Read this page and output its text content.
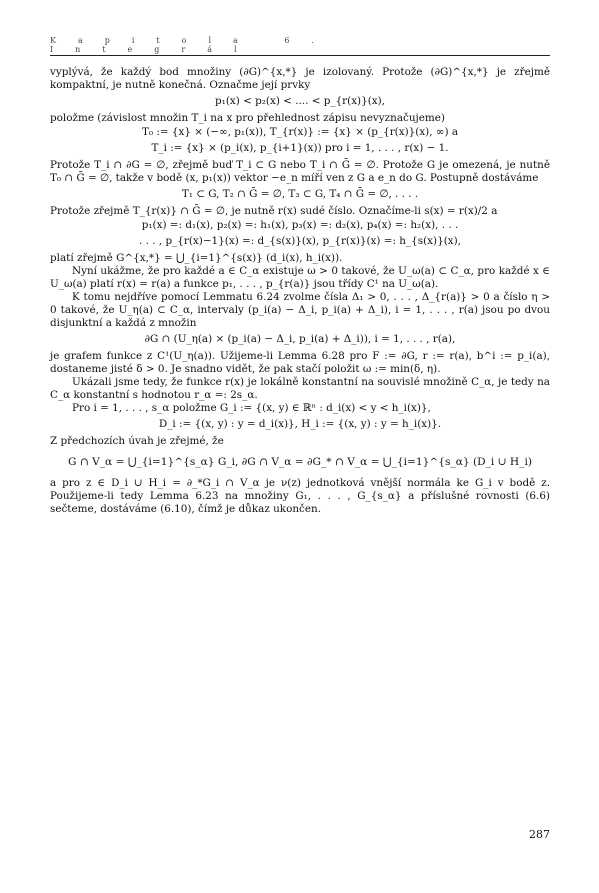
Kapitola 6. Integrál

vyplývá, že každý bod množiny (∂G)^{x,*} je izolovaný. Protože (∂G)^{x,*} je zřejmě kompaktní, je nutně konečná. Označme její prvky

p₁(x) < p₂(x) < .... < p_{r(x)}(x),

položme (závislost množin T_i na x pro přehlednost zápisu nevyznačujeme)

T₀ := {x} × (−∞, p₁(x)), T_{r(x)} := {x} × (p_{r(x)}(x), ∞) a
T_i := {x} × (p_i(x), p_{i+1}(x)) pro i = 1, . . . , r(x) − 1.

Protože T_i ∩ ∂G = ∅, zřejmě buď T_i ⊂ G nebo T_i ∩ Ḡ = ∅. Protože G je omezená, je nutně T₀ ∩ Ḡ = ∅, takže v bodě (x, p₁(x)) vektor −e_n míří ven z G a e_n do G. Postupně dostáváme

T₁ ⊂ G, T₂ ∩ Ḡ = ∅, T₃ ⊂ G, T₄ ∩ Ḡ = ∅, . . . .

Protože zřejmě T_{r(x)} ∩ Ḡ = ∅, je nutně r(x) sudé číslo. Označíme-li s(x) = r(x)/2 a

p₁(x) =: d₁(x), p₂(x) =: h₁(x), p₃(x) =: d₂(x), p₄(x) =: h₂(x), . . .
. . . , p_{r(x)−1}(x) =: d_{s(x)}(x), p_{r(x)}(x) =: h_{s(x)}(x),

platí zřejmě G^{x,*} = ⋃_{i=1}^{s(x)} (d_i(x), h_i(x)).

Nyní ukážme, že pro každé a ∈ C_α existuje ω > 0 takové, že U_ω(a) ⊂ C_α, pro každé x ∈ U_ω(a) platí r(x) = r(a) a funkce p₁, . . . , p_{r(a)} jsou třídy C¹ na U_ω(a).

K tomu nejdříve pomocí Lemmatu 6.24 zvolme čísla Δ₁ > 0, . . . , Δ_{r(a)} > 0 a číslo η > 0 takové, že U_η(a) ⊂ C_α, intervaly (p_i(a) − Δ_i, p_i(a) + Δ_i), i = 1, . . . , r(a) jsou po dvou disjunktní a každá z množin

∂G ∩ (U_η(a) × (p_i(a) − Δ_i, p_i(a) + Δ_i)), i = 1, . . . , r(a),

je grafem funkce z C¹(U_η(a)). Užijeme-li Lemma 6.28 pro F := ∂G, r := r(a), b^i := p_i(a), dostaneme jisté δ > 0. Je snadno vidět, že pak stačí položit ω := min(δ, η).

Ukázali jsme tedy, že funkce r(x) je lokálně konstantní na souvislé množině C_α, je tedy na C_α konstantní s hodnotou r_α =: 2s_α.

Pro i = 1, . . . , s_α položme G_i := {(x, y) ∈ ℝⁿ : d_i(x) < y < h_i(x)},

D_i := {(x, y) : y = d_i(x)}, H_i := {(x, y) : y = h_i(x)}.

Z předchozích úvah je zřejmé, že

G ∩ V_α = ⋃_{i=1}^{s_α} G_i, ∂G ∩ V_α = ∂G_* ∩ V_α = ⋃_{i=1}^{s_α} (D_i ∪ H_i)

a pro z ∈ D_i ∪ H_i = ∂_*G_i ∩ V_α je ν(z) jednotková vnější normála ke G_i v bodě z. Použijeme-li tedy Lemma 6.23 na množiny G₁, . . . , G_{s_α} a příslušné rovnosti (6.6) sečteme, dostáváme (6.10), čímž je důkaz ukončen.

287
